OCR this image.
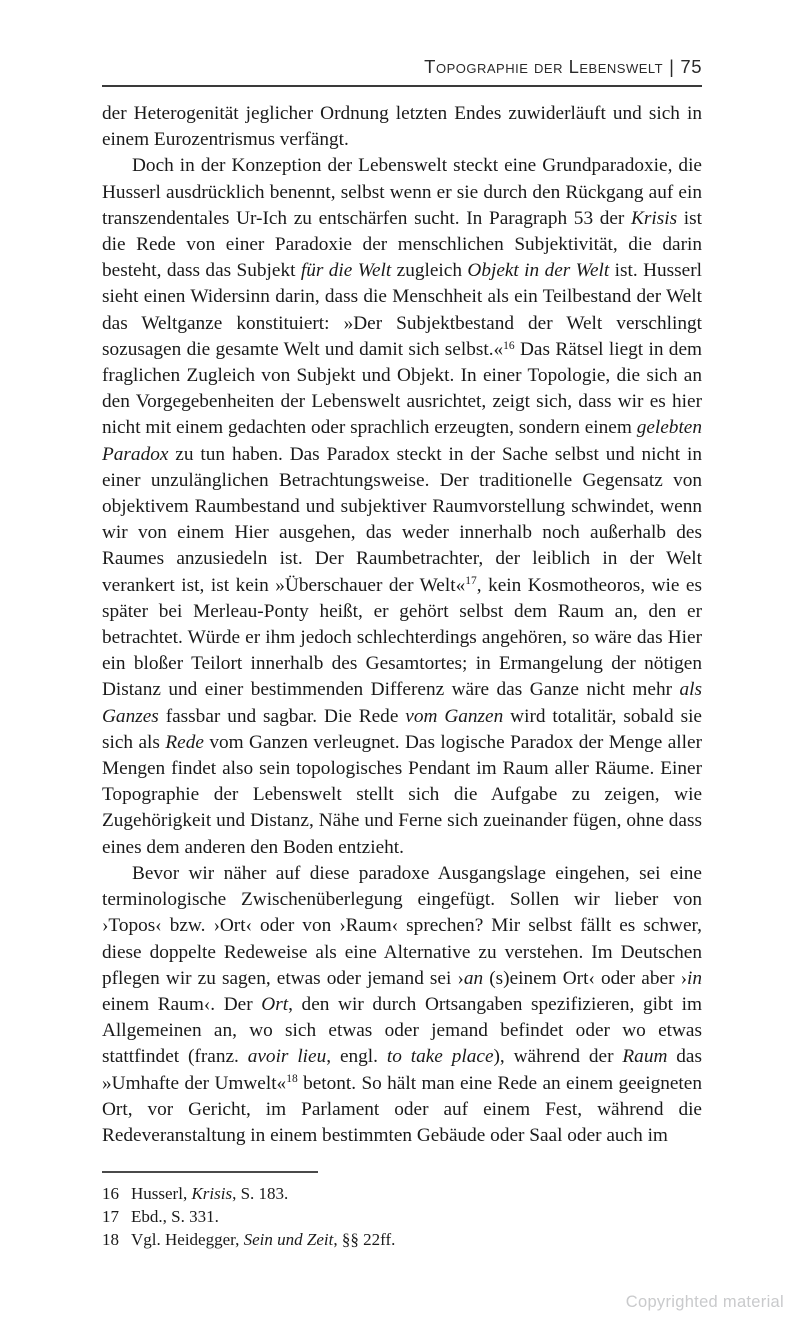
Topographie der Lebenswelt | 75

der Heterogenität jeglicher Ordnung letzten Endes zuwiderläuft und sich in einem Eurozentrismus verfängt.

Doch in der Konzeption der Lebenswelt steckt eine Grundparadoxie, die Husserl ausdrücklich benennt, selbst wenn er sie durch den Rückgang auf ein transzendentales Ur-Ich zu entschärfen sucht. In Paragraph 53 der Krisis ist die Rede von einer Paradoxie der menschlichen Subjektivität, die darin besteht, dass das Subjekt für die Welt zugleich Objekt in der Welt ist. Husserl sieht einen Widersinn darin, dass die Menschheit als ein Teilbestand der Welt das Weltganze konstituiert: »Der Subjektbestand der Welt verschlingt sozusagen die gesamte Welt und damit sich selbst.«$^{16}$ Das Rätsel liegt in dem fraglichen Zugleich von Subjekt und Objekt. In einer Topologie, die sich an den Vorgegebenheiten der Lebenswelt ausrichtet, zeigt sich, dass wir es hier nicht mit einem gedachten oder sprachlich erzeugten, sondern einem gelebten Paradox zu tun haben. Das Paradox steckt in der Sache selbst und nicht in einer unzulänglichen Betrachtungsweise. Der traditionelle Gegensatz von objektivem Raumbestand und subjektiver Raumvorstellung schwindet, wenn wir von einem Hier ausgehen, das weder innerhalb noch außerhalb des Raumes anzusiedeln ist. Der Raumbetrachter, der leiblich in der Welt verankert ist, ist kein »Überschauer der Welt«$^{17}$, kein Kosmotheoros, wie es später bei Merleau-Ponty heißt, er gehört selbst dem Raum an, den er betrachtet. Würde er ihm jedoch schlechterdings angehören, so wäre das Hier ein bloßer Teilort innerhalb des Gesamtortes; in Ermangelung der nötigen Distanz und einer bestimmenden Differenz wäre das Ganze nicht mehr als Ganzes fassbar und sagbar. Die Rede vom Ganzen wird totalitär, sobald sie sich als Rede vom Ganzen verleugnet. Das logische Paradox der Menge aller Mengen findet also sein topologisches Pendant im Raum aller Räume. Einer Topographie der Lebenswelt stellt sich die Aufgabe zu zeigen, wie Zugehörigkeit und Distanz, Nähe und Ferne sich zueinander fügen, ohne dass eines dem anderen den Boden entzieht.

Bevor wir näher auf diese paradoxe Ausgangslage eingehen, sei eine terminologische Zwischenüberlegung eingefügt. Sollen wir lieber von ›Topos‹ bzw. ›Ort‹ oder von ›Raum‹ sprechen? Mir selbst fällt es schwer, diese doppelte Redeweise als eine Alternative zu verstehen. Im Deutschen pflegen wir zu sagen, etwas oder jemand sei ›an (s)einem Ort‹ oder aber ›in einem Raum‹. Der Ort, den wir durch Ortsangaben spezifizieren, gibt im Allgemeinen an, wo sich etwas oder jemand befindet oder wo etwas stattfindet (franz. avoir lieu, engl. to take place), während der Raum das »Umhafte der Umwelt«$^{18}$ betont. So hält man eine Rede an einem geeigneten Ort, vor Gericht, im Parlament oder auf einem Fest, während die Redeveranstaltung in einem bestimmten Gebäude oder Saal oder auch im

16 Husserl, Krisis, S. 183.
17 Ebd., S. 331.
18 Vgl. Heidegger, Sein und Zeit, §§ 22ff.
Copyrighted material
